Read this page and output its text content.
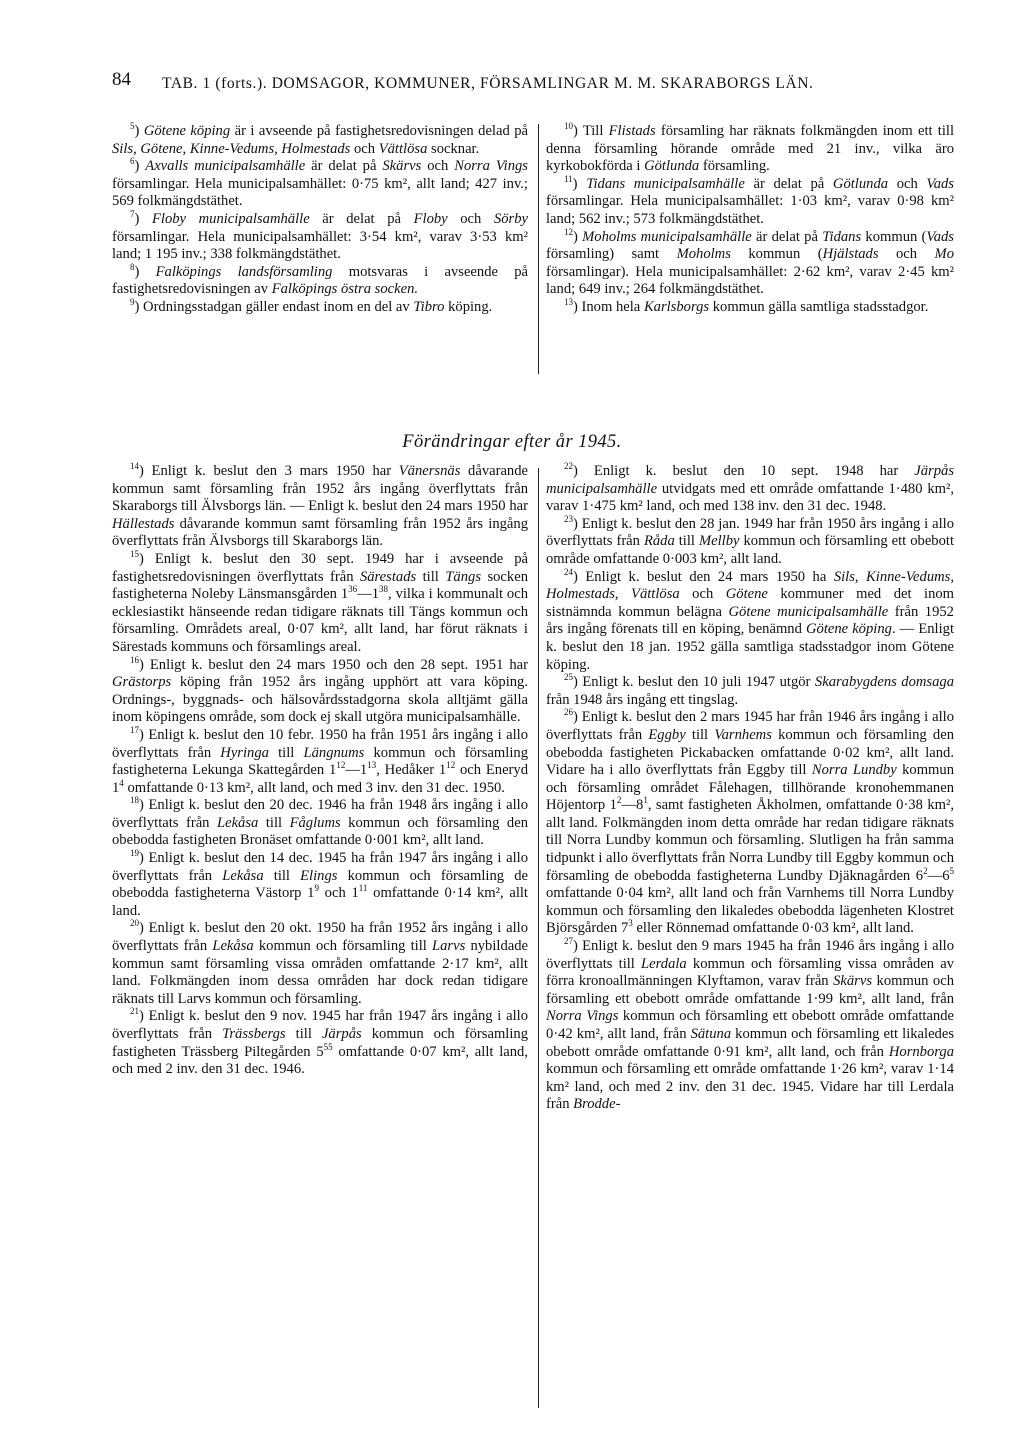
84 TAB. 1 (forts.). DOMSAGOR, KOMMUNER, FÖRSAMLINGAR M. M. SKARABORGS LÄN.

$^5$) Götene köping är i avseende på fastighetsredovisningen delad på Sils, Götene, Kinne-Vedums, Holmestads och Vättlösa socknar.

$^6$) Axvalls municipalsamhälle är delat på Skärvs och Norra Vings församlingar. Hela municipalsamhället: 0·75 km², allt land; 427 inv.; 569 folkmängdstäthet.

$^7$) Floby municipalsamhälle är delat på Floby och Sörby församlingar. Hela municipalsamhället: 3·54 km², varav 3·53 km² land; 1 195 inv.; 338 folkmängdstäthet.

$^8$) Falköpings landsförsamling motsvaras i avseende på fastighetsredovisningen av Falköpings östra socken.

$^9$) Ordningsstadgan gäller endast inom en del av Tibro köping.

$^{10}$) Till Flistads församling har räknats folkmängden inom ett till denna församling hörande område med 21 inv., vilka äro kyrkobokförda i Götlunda församling.

$^{11}$) Tidans municipalsamhälle är delat på Götlunda och Vads församlingar. Hela municipalsamhället: 1·03 km², varav 0·98 km² land; 562 inv.; 573 folkmängdstäthet.

$^{12}$) Moholms municipalsamhälle är delat på Tidans kommun (Vads församling) samt Moholms kommun (Hjälstads och Mo församlingar). Hela municipalsamhället: 2·62 km², varav 2·45 km² land; 649 inv.; 264 folkmängdstäthet.

$^{13}$) Inom hela Karlsborgs kommun gälla samtliga stadsstadgor.

Förändringar efter år 1945.

$^{14}$) Enligt k. beslut den 3 mars 1950 har Vänersnäs dåvarande kommun samt församling från 1952 års ingång överflyttats från Skaraborgs till Älvsborgs län. — Enligt k. beslut den 24 mars 1950 har Hällestads dåvarande kommun samt församling från 1952 års ingång överflyttats från Älvsborgs till Skaraborgs län.

$^{15}$) Enligt k. beslut den 30 sept. 1949 har i avseende på fastighetsredovisningen överflyttats från Särestads till Tängs socken fastigheterna Noleby Länsmansgården 1$^{36}$—1$^{38}$, vilka i kommunalt och ecklesiastikt hänseende redan tidigare räknats till Tängs kommun och församling. Områdets areal, 0·07 km², allt land, har förut räknats i Särestads kommuns och församlings areal.

$^{16}$) Enligt k. beslut den 24 mars 1950 och den 28 sept. 1951 har Grästorps köping från 1952 års ingång upphört att vara köping. Ordnings-, byggnads- och hälsovårdsstadgorna skola alltjämt gälla inom köpingens område, som dock ej skall utgöra municipalsamhälle.

$^{17}$) Enligt k. beslut den 10 febr. 1950 ha från 1951 års ingång i allo överflyttats från Hyringa till Längnums kommun och församling fastigheterna Lekunga Skattegården 1$^{12}$—1$^{13}$, Hedåker 1$^{12}$ och Eneryd 1$^4$ omfattande 0·13 km², allt land, och med 3 inv. den 31 dec. 1950.

$^{18}$) Enligt k. beslut den 20 dec. 1946 ha från 1948 års ingång i allo överflyttats från Lekåsa till Fåglums kommun och församling den obebodda fastigheten Bronäset omfattande 0·001 km², allt land.

$^{19}$) Enligt k. beslut den 14 dec. 1945 ha från 1947 års ingång i allo överflyttats från Lekåsa till Elings kommun och församling de obebodda fastigheterna Västorp 1$^9$ och 1$^{11}$ omfattande 0·14 km², allt land.

$^{20}$) Enligt k. beslut den 20 okt. 1950 ha från 1952 års ingång i allo överflyttats från Lekåsa kommun och församling till Larvs nybildade kommun samt församling vissa områden omfattande 2·17 km², allt land. Folkmängden inom dessa områden har dock redan tidigare räknats till Larvs kommun och församling.

$^{21}$) Enligt k. beslut den 9 nov. 1945 har från 1947 års ingång i allo överflyttats från Trässbergs till Järpås kommun och församling fastigheten Trässberg Piltegården 5$^{55}$ omfattande 0·07 km², allt land, och med 2 inv. den 31 dec. 1946.

$^{22}$) Enligt k. beslut den 10 sept. 1948 har Järpås municipalsamhälle utvidgats med ett område omfattande 1·480 km², varav 1·475 km² land, och med 138 inv. den 31 dec. 1948.

$^{23}$) Enligt k. beslut den 28 jan. 1949 har från 1950 års ingång i allo överflyttats från Råda till Mellby kommun och församling ett obebott område omfattande 0·003 km², allt land.

$^{24}$) Enligt k. beslut den 24 mars 1950 ha Sils, Kinne-Vedums, Holmestads, Vättlösa och Götene kommuner med det inom sistnämnda kommun belägna Götene municipalsamhälle från 1952 års ingång förenats till en köping, benämnd Götene köping. — Enligt k. beslut den 18 jan. 1952 gälla samtliga stadsstadgor inom Götene köping.

$^{25}$) Enligt k. beslut den 10 juli 1947 utgör Skarabygdens domsaga från 1948 års ingång ett tingslag.

$^{26}$) Enligt k. beslut den 2 mars 1945 har från 1946 års ingång i allo överflyttats från Eggby till Varnhems kommun och församling den obebodda fastigheten Pickabacken omfattande 0·02 km², allt land. Vidare ha i allo överflyttats från Eggby till Norra Lundby kommun och församling området Fålehagen, tillhörande kronohemmanen Höjentorp 1$^2$—8$^1$, samt fastigheten Åkholmen, omfattande 0·38 km², allt land. Folkmängden inom detta område har redan tidigare räknats till Norra Lundby kommun och församling. Slutligen ha från samma tidpunkt i allo överflyttats från Norra Lundby till Eggby kommun och församling de obebodda fastigheterna Lundby Djäknagården 6$^2$—6$^5$ omfattande 0·04 km², allt land och från Varnhems till Norra Lundby kommun och församling den likaledes obebodda lägenheten Klostret Björsgården 7$^3$ eller Rönnemad omfattande 0·03 km², allt land.

$^{27}$) Enligt k. beslut den 9 mars 1945 ha från 1946 års ingång i allo överflyttats till Lerdala kommun och församling vissa områden av förra kronoallmänningen Klyftamon, varav från Skärvs kommun och församling ett obebott område omfattande 1·99 km², allt land, från Norra Vings kommun och församling ett obebott område omfattande 0·42 km², allt land, från Sätuna kommun och församling ett likaledes obebott område omfattande 0·91 km², allt land, och från Hornborga kommun och församling ett område omfattande 1·26 km², varav 1·14 km² land, och med 2 inv. den 31 dec. 1945. Vidare har till Lerdala från Brodde-
